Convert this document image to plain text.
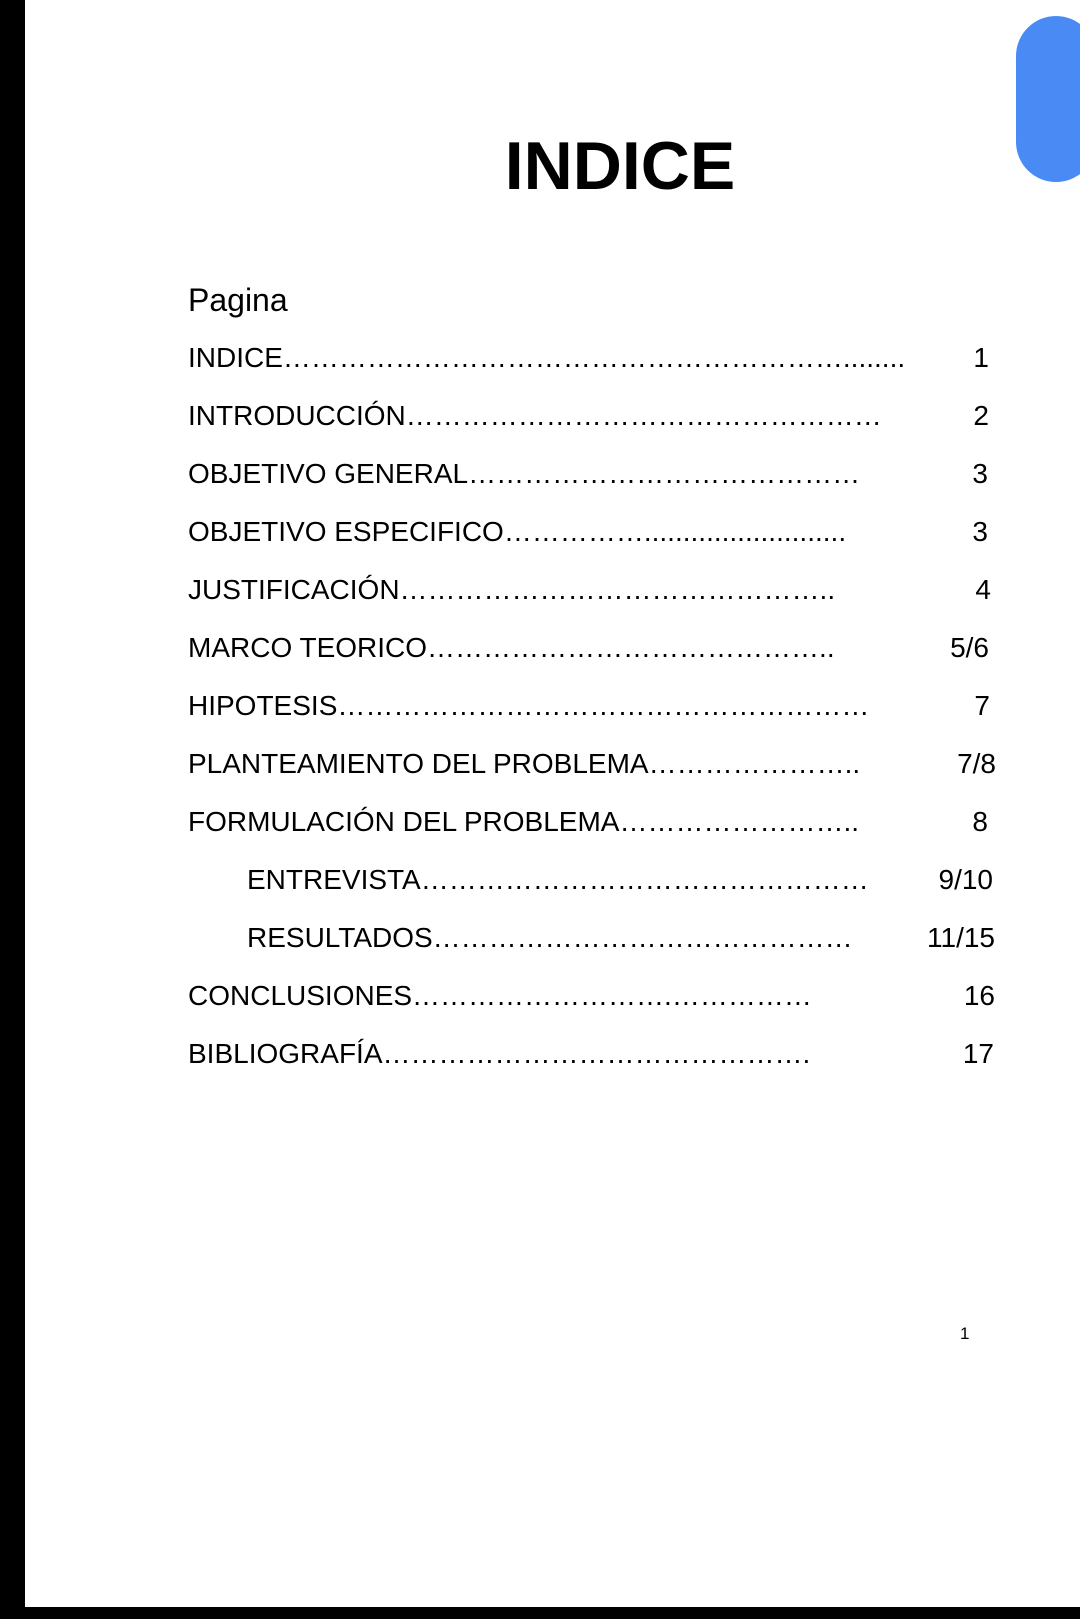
INDICE
Pagina
INDICE……………………………………………………........	1
INTRODUCCIÓN……………………………………………	2
OBJETIVO GENERAL……………………………………	3
OBJETIVO ESPECIFICO……………..........................	3
JUSTIFICACIÓN………………………………………..	4
MARCO TEORICO……………………………………..	5/6
HIPOTESIS…………………………………………………	7
PLANTEAMIENTO DEL PROBLEMA…………………..	7/8
FORMULACIÓN DEL PROBLEMA……………………..	8
ENTREVISTA…………………………………………	9/10
RESULTADOS………………………………………	11/15
CONCLUSIONES……………………….……………	16
BIBLIOGRAFÍA……………………………………….	17
1
